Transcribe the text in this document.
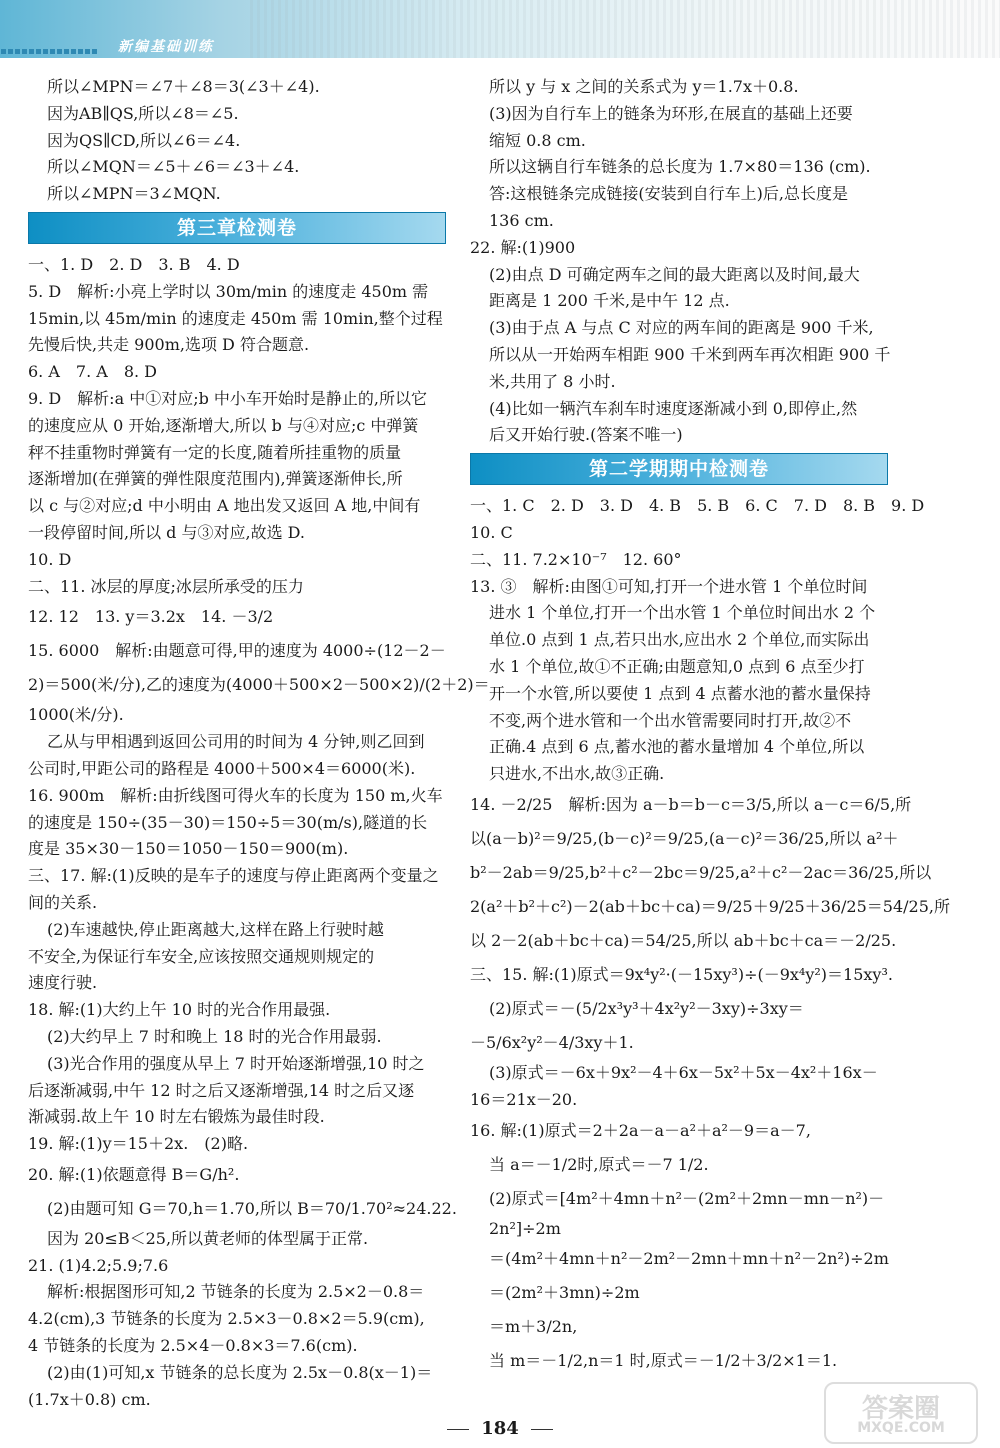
新编基础训练
所以∠MPN＝∠7＋∠8＝3(∠3＋∠4).
因为AB∥QS,所以∠8＝∠5.
因为QS∥CD,所以∠6＝∠4.
所以∠MQN＝∠5＋∠6＝∠3＋∠4.
所以∠MPN＝3∠MQN.
第三章检测卷
一、1. D　2. D　3. B　4. D
5. D　解析:小亮上学时以 30m/min 的速度走 450m 需
15min,以 45m/min 的速度走 450m 需 10min,整个过程
先慢后快,共走 900m,选项 D 符合题意.
6. A　7. A　8. D
9. D　解析:a 中①对应;b 中小车开始时是静止的,所以它
的速度应从 0 开始,逐渐增大,所以 b 与④对应;c 中弹簧
秤不挂重物时弹簧有一定的长度,随着所挂重物的质量
逐渐增加(在弹簧的弹性限度范围内),弹簧逐渐伸长,所
以 c 与②对应;d 中小明由 A 地出发又返回 A 地,中间有
一段停留时间,所以 d 与③对应,故选 D.
10. D
二、11. 冰层的厚度;冰层所承受的压力
12. 12　13. y＝3.2x　14. －3/2
15. 6000　解析:由题意可得,甲的速度为 4000÷(12－2－
2)＝500(米/分),乙的速度为(4000＋500×2－500×2)/(2＋2)＝
1000(米/分).
乙从与甲相遇到返回公司用的时间为 4 分钟,则乙回到
公司时,甲距公司的路程是 4000＋500×4＝6000(米).
16. 900m　解析:由折线图可得火车的长度为 150 m,火车
的速度是 150÷(35－30)＝150÷5＝30(m/s),隧道的长
度是 35×30－150＝1050－150＝900(m).
三、17. 解:(1)反映的是车子的速度与停止距离两个变量之
间的关系.
(2)车速越快,停止距离越大,这样在路上行驶时越
不安全,为保证行车安全,应该按照交通规则规定的
速度行驶.
18. 解:(1)大约上午 10 时的光合作用最强.
(2)大约早上 7 时和晚上 18 时的光合作用最弱.
(3)光合作用的强度从早上 7 时开始逐渐增强,10 时之
后逐渐减弱,中午 12 时之后又逐渐增强,14 时之后又逐
渐减弱.故上午 10 时左右锻炼为最佳时段.
19. 解:(1)y＝15＋2x.　(2)略.
20. 解:(1)依题意得 B＝G/h².
(2)由题可知 G＝70,h＝1.70,所以 B＝70/1.70²≈24.22.
因为 20≤B＜25,所以黄老师的体型属于正常.
21. (1)4.2;5.9;7.6
解析:根据图形可知,2 节链条的长度为 2.5×2－0.8＝
4.2(cm),3 节链条的长度为 2.5×3－0.8×2＝5.9(cm),
4 节链条的长度为 2.5×4－0.8×3＝7.6(cm).
(2)由(1)可知,x 节链条的总长度为 2.5x－0.8(x－1)＝
(1.7x＋0.8) cm.
所以 y 与 x 之间的关系式为 y＝1.7x＋0.8.
(3)因为自行车上的链条为环形,在展直的基础上还要
缩短 0.8 cm.
所以这辆自行车链条的总长度为 1.7×80＝136 (cm).
答:这根链条完成链接(安装到自行车上)后,总长度是
136 cm.
22. 解:(1)900
(2)由点 D 可确定两车之间的最大距离以及时间,最大
距离是 1 200 千米,是中午 12 点.
(3)由于点 A 与点 C 对应的两车间的距离是 900 千米,
所以从一开始两车相距 900 千米到两车再次相距 900 千
米,共用了 8 小时.
(4)比如一辆汽车刹车时速度逐渐减小到 0,即停止,然
后又开始行驶.(答案不唯一)
第二学期期中检测卷
一、1. C　2. D　3. D　4. B　5. B　6. C　7. D　8. B　9. D
10. C
二、11. 7.2×10⁻⁷　12. 60°
13. ③　解析:由图①可知,打开一个进水管 1 个单位时间
进水 1 个单位,打开一个出水管 1 个单位时间出水 2 个
单位.0 点到 1 点,若只出水,应出水 2 个单位,而实际出
水 1 个单位,故①不正确;由题意知,0 点到 6 点至少打
开一个水管,所以要使 1 点到 4 点蓄水池的蓄水量保持
不变,两个进水管和一个出水管需要同时打开,故②不
正确.4 点到 6 点,蓄水池的蓄水量增加 4 个单位,所以
只进水,不出水,故③正确.
14. －2/25　解析:因为 a－b＝b－c＝3/5,所以 a－c＝6/5,所
以(a－b)²＝9/25,(b－c)²＝9/25,(a－c)²＝36/25,所以 a²＋
b²－2ab＝9/25,b²＋c²－2bc＝9/25,a²＋c²－2ac＝36/25,所以
2(a²＋b²＋c²)－2(ab＋bc＋ca)＝9/25＋9/25＋36/25＝54/25,所
以 2－2(ab＋bc＋ca)＝54/25,所以 ab＋bc＋ca＝－2/25.
三、15. 解:(1)原式＝9x⁴y²·(－15xy³)÷(－9x⁴y²)＝15xy³.
(2)原式＝－(5/2x³y³＋4x²y²－3xy)÷3xy＝
－5/6x²y²－4/3xy＋1.
(3)原式＝－6x＋9x²－4＋6x－5x²＋5x－4x²＋16x－
16＝21x－20.
16. 解:(1)原式＝2＋2a－a－a²＋a²－9＝a－7,
当 a＝－1/2时,原式＝－7 1/2.
(2)原式＝[4m²＋4mn＋n²－(2m²＋2mn－mn－n²)－
2n²]÷2m
＝(4m²＋4mn＋n²－2m²－2mn＋mn＋n²－2n²)÷2m
＝(2m²＋3mn)÷2m
＝m＋3/2n,
当 m＝－1/2,n＝1 时,原式＝－1/2＋3/2×1＝1.
184
答案圈
MXQE.COM
